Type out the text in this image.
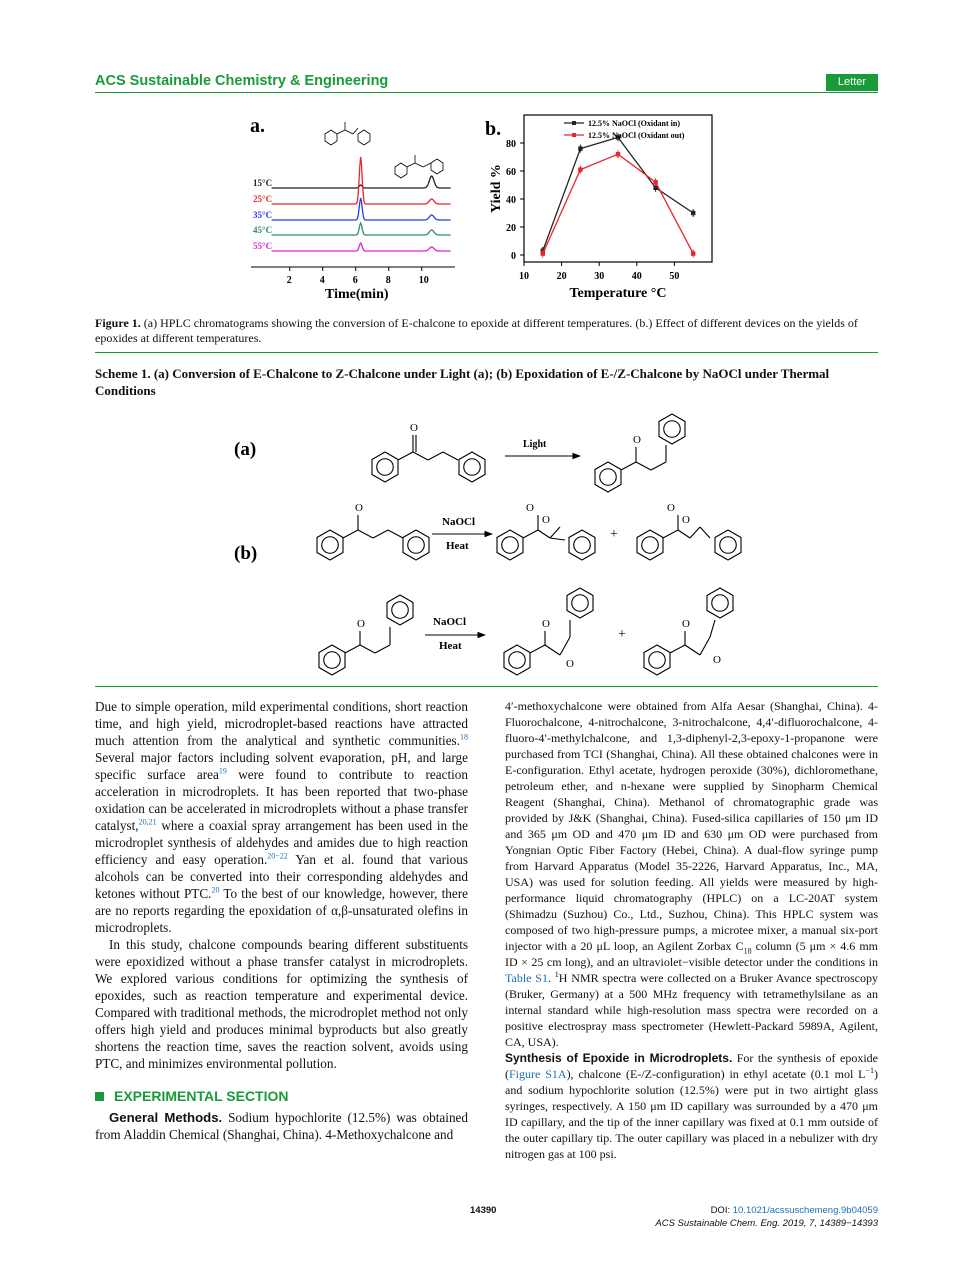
ACS Sustainable Chemistry & Engineering	Letter
a.
15°C
25°C
35°C
45°C
55°C
2	4	6	8	10
Time(min)
b.
0
20
40
60
80
10	20	30	40	50
Temperature °C
Yield %
12.5% NaOCl (Oxidant in)
12.5% NaOCl (Oxidant out)
Figure 1. (a) HPLC chromatograms showing the conversion of E-chalcone to epoxide at different temperatures. (b.) Effect of different devices on the yields of epoxides at different temperatures.
Scheme 1. (a) Conversion of E-Chalcone to Z-Chalcone under Light (a); (b) Epoxidation of E-/Z-Chalcone by NaOCl under Thermal Conditions
(a)
(b)
O
O
O	O
O
O
O
O	O
O
O
O
Light
NaOCl
Heat
NaOCl
Heat
+
+

Due to simple operation, mild experimental conditions, short reaction time, and high yield, microdroplet-based reactions have attracted much attention from the analytical and synthetic communities.$^{18}$ Several major factors including solvent evaporation, pH, and large specific surface area$^{19}$ were found to contribute to reaction acceleration in microdroplets. It has been reported that two-phase oxidation can be accelerated in microdroplets without a phase transfer catalyst,$^{20,21}$ where a coaxial spray arrangement has been used in the microdroplet synthesis of aldehydes and amides due to high reaction efficiency and easy operation.$^{20-22}$ Yan et al. found that various alcohols can be converted into their corresponding aldehydes and ketones without PTC.$^{20}$ To the best of our knowledge, however, there are no reports regarding the epoxidation of α,β-unsaturated olefins in microdroplets.

In this study, chalcone compounds bearing different substituents were epoxidized without a phase transfer catalyst in microdroplets. We explored various conditions for optimizing the synthesis of epoxides, such as reaction temperature and experimental device. Compared with traditional methods, the microdroplet method not only offers high yield and produces minimal byproducts but also greatly shortens the reaction time, saves the reaction solvent, avoids using PTC, and minimizes environmental pollution.

EXPERIMENTAL SECTION

General Methods. Sodium hypochlorite (12.5%) was obtained from Aladdin Chemical (Shanghai, China). 4-Methoxychalcone and

4′-methoxychalcone were obtained from Alfa Aesar (Shanghai, China). 4-Fluorochalcone, 4-nitrochalcone, 3-nitrochalcone, 4,4′-difluorochalcone, 4-fluoro-4′-methylchalcone, and 1,3-diphenyl-2,3-epoxy-1-propanone were purchased from TCI (Shanghai, China). All these obtained chalcones were in E-configuration. Ethyl acetate, hydrogen peroxide (30%), dichloromethane, petroleum ether, and n-hexane were supplied by Sinopharm Chemical Reagent (Shanghai, China). Methanol of chromatographic grade was provided by J&K (Shanghai, China). Fused-silica capillaries of 150 μm ID and 365 μm OD and 470 μm ID and 630 μm OD were purchased from Yongnian Optic Fiber Factory (Hebei, China). A dual-flow syringe pump from Harvard Apparatus (Model 35-2226, Harvard Apparatus, Inc., MA, USA) was used for solution feeding. All yields were measured by high-performance liquid chromatography (HPLC) on a LC-20AT system (Shimadzu (Suzhou) Co., Ltd., Suzhou, China). This HPLC system was composed of two high-pressure pumps, a microtee mixer, a manual six-port injector with a 20 μL loop, an Agilent Zorbax $C_{18}$ column (5 μm × 4.6 mm ID × 25 cm long), and an ultraviolet−visible detector under the conditions in Table S1. $^1$H NMR spectra were collected on a Bruker Avance spectroscopy (Bruker, Germany) at a 500 MHz frequency with tetramethylsilane as an internal standard while high-resolution mass spectra were recorded on a positive electrospray mass spectrometer (Hewlett-Packard 5989A, Agilent, CA, USA).

Synthesis of Epoxide in Microdroplets. For the synthesis of epoxide (Figure S1A), chalcone (E-/Z-configuration) in ethyl acetate (0.1 mol $L^{-1}$) and sodium hypochlorite solution (12.5%) were put in two airtight glass syringes, respectively. A 150 μm ID capillary was surrounded by a 470 μm ID capillary, and the tip of the inner capillary was fixed at 0.1 mm outside of the outer capillary tip. The outer capillary was placed in a nebulizer with dry nitrogen gas at 100 psi.

14390	DOI: 10.1021/acssuschemeng.9b04059
ACS Sustainable Chem. Eng. 2019, 7, 14389−14393
